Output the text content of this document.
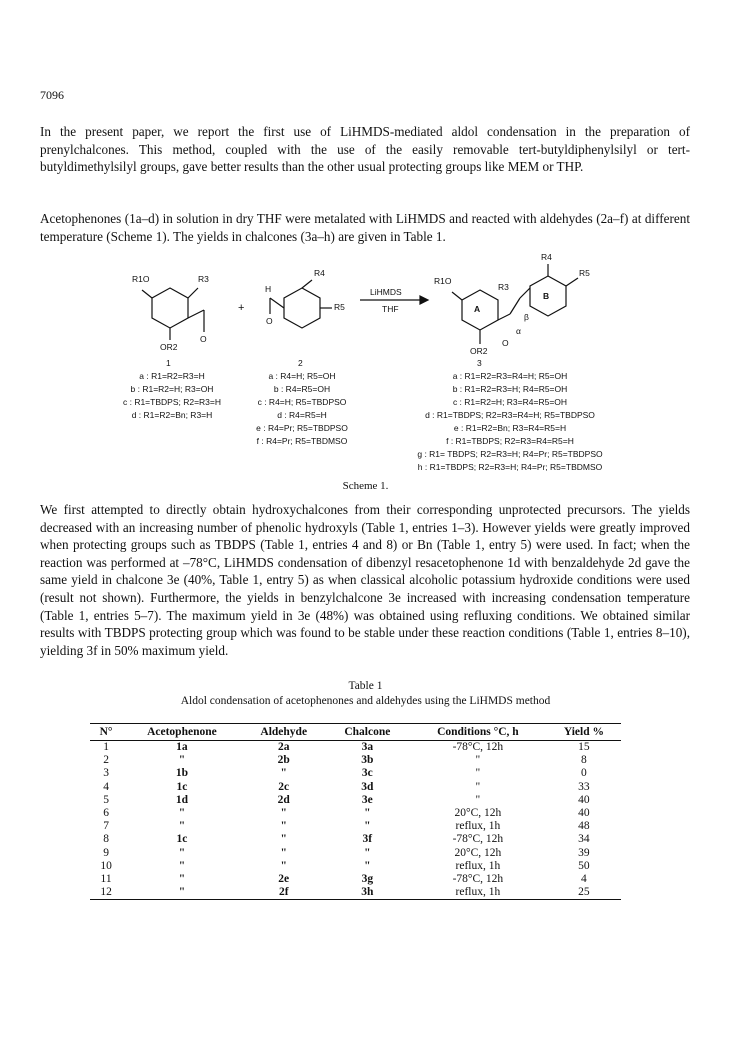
7096
In the present paper, we report the first use of LiHMDS-mediated aldol condensation in the preparation of prenylchalcones. This method, coupled with the use of the easily removable tert-butyldiphenylsilyl or tert-butyldimethylsilyl groups, gave better results than the other usual protecting groups like MEM or THP.
Acetophenones (1a–d) in solution in dry THF were metalated with LiHMDS and reacted with aldehydes (2a–f) at different temperature (Scheme 1). The yields in chalcones (3a–h) are given in Table 1.
R1O	R3
OR2
O
1
+
H
O
R4
R5
2
LiHMDS
THF
R1O
R3
R4
R5
A
B
β
α
OR2
O
3
a : R1=R2=R3=H
b : R1=R2=H; R3=OH
c : R1=TBDPS; R2=R3=H
d : R1=R2=Bn; R3=H
a : R4=H; R5=OH
b : R4=R5=OH
c : R4=H; R5=TBDPSO
d : R4=R5=H
e : R4=Pr; R5=TBDPSO
f : R4=Pr; R5=TBDMSO
a : R1=R2=R3=R4=H; R5=OH
b : R1=R2=R3=H; R4=R5=OH
c : R1=R2=H; R3=R4=R5=OH
d : R1=TBDPS; R2=R3=R4=H; R5=TBDPSO
e : R1=R2=Bn; R3=R4=R5=H
f : R1=TBDPS; R2=R3=R4=R5=H
g : R1= TBDPS; R2=R3=H; R4=Pr; R5=TBDPSO
h : R1=TBDPS; R2=R3=H; R4=Pr; R5=TBDMSO
Scheme 1.
We first attempted to directly obtain hydroxychalcones from their corresponding unprotected precursors. The yields decreased with an increasing number of phenolic hydroxyls (Table 1, entries 1–3). However yields were greatly improved when protecting groups such as TBDPS (Table 1, entries 4 and 8) or Bn (Table 1, entry 5) were used. In fact; when the reaction was performed at –78°C, LiHMDS condensation of dibenzyl resacetophenone 1d with benzaldehyde 2d gave the same yield in chalcone 3e (40%, Table 1, entry 5) as when classical alcoholic potassium hydroxide conditions were used (result not shown). Furthermore, the yields in benzylchalcone 3e increased with increasing condensation temperature (Table 1, entries 5–7). The maximum yield in 3e (48%) was obtained using refluxing conditions. We obtained similar results with TBDPS protecting group which was found to be stable under these reaction conditions (Table 1, entries 8–10), yielding 3f in 50% maximum yield.
Table 1
Aldol condensation of acetophenones and aldehydes using the LiHMDS method
N°	Acetophenone	Aldehyde	Chalcone	Conditions °C, h	Yield %
1	1a	2a	3a	-78°C, 12h	15
2	"	2b	3b	"	8
3	1b	"	3c	"	0
4	1c	2c	3d	"	33
5	1d	2d	3e	"	40
6	"	"	"	20°C, 12h	40
7	"	"	"	reflux, 1h	48
8	1c	"	3f	-78°C, 12h	34
9	"	"	"	20°C, 12h	39
10	"	"	"	reflux, 1h	50
11	"	2e	3g	-78°C, 12h	4
12	"	2f	3h	reflux, 1h	25
